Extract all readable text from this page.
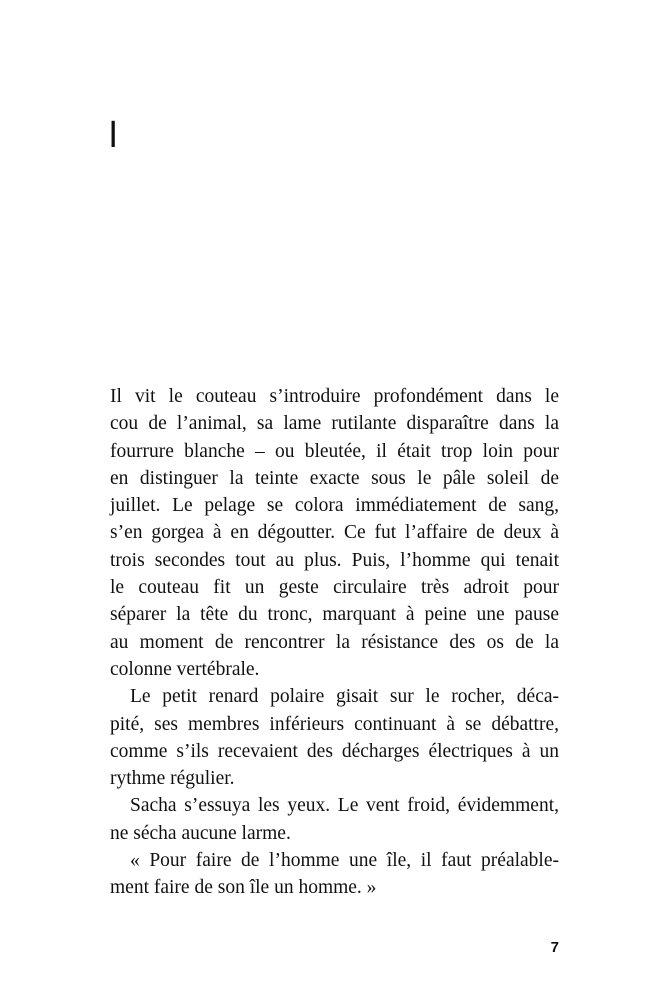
I
Il vit le couteau s’introduire profondément dans le
cou de l’animal, sa lame rutilante disparaître dans la
fourrure blanche – ou bleutée, il était trop loin pour
en distinguer la teinte exacte sous le pâle soleil de
juillet. Le pelage se colora immédiatement de sang,
s’en gorgea à en dégoutter. Ce fut l’affaire de deux à
trois secondes tout au plus. Puis, l’homme qui tenait
le couteau fit un geste circulaire très adroit pour
séparer la tête du tronc, marquant à peine une pause
au moment de rencontrer la résistance des os de la
colonne vertébrale.
Le petit renard polaire gisait sur le rocher, déca-
pité, ses membres inférieurs continuant à se débattre,
comme s’ils recevaient des décharges électriques à un
rythme régulier.
Sacha s’essuya les yeux. Le vent froid, évidemment,
ne sécha aucune larme.
« Pour faire de l’homme une île, il faut préalable-
ment faire de son île un homme. »

7
